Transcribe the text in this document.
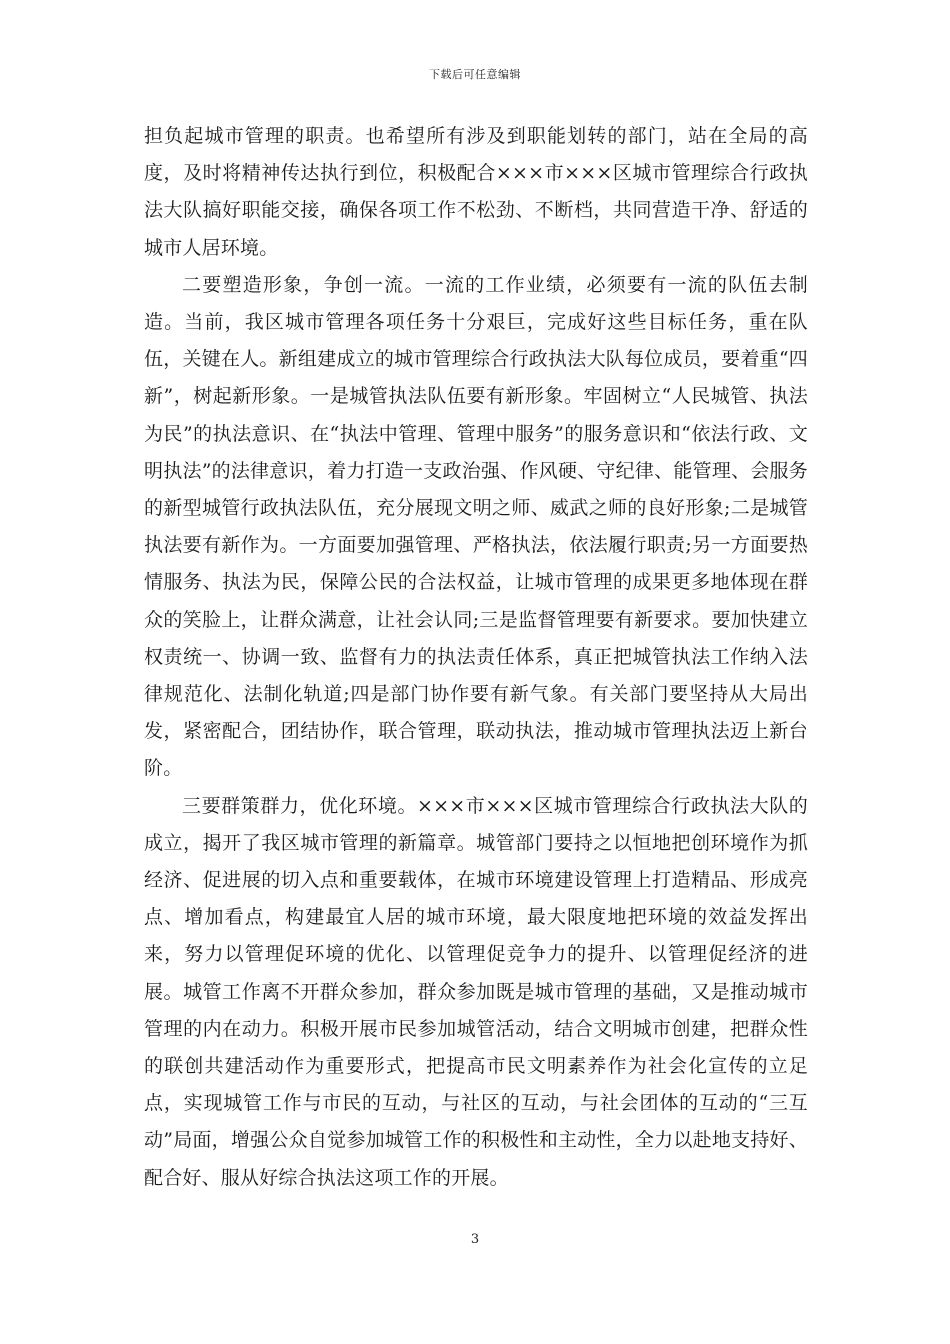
下载后可任意编辑

担负起城市管理的职责。也希望所有涉及到职能划转的部门，站在全局的高度，及时将精神传达执行到位，积极配合×××市×××区城市管理综合行政执法大队搞好职能交接，确保各项工作不松劲、不断档，共同营造干净、舒适的城市人居环境。

二要塑造形象，争创一流。一流的工作业绩，必须要有一流的队伍去制造。当前，我区城市管理各项任务十分艰巨，完成好这些目标任务，重在队伍，关键在人。新组建成立的城市管理综合行政执法大队每位成员，要着重“四新”，树起新形象。一是城管执法队伍要有新形象。牢固树立“人民城管、执法为民”的执法意识、在“执法中管理、管理中服务”的服务意识和“依法行政、文明执法”的法律意识，着力打造一支政治强、作风硬、守纪律、能管理、会服务的新型城管行政执法队伍，充分展现文明之师、威武之师的良好形象;二是城管执法要有新作为。一方面要加强管理、严格执法，依法履行职责;另一方面要热情服务、执法为民，保障公民的合法权益，让城市管理的成果更多地体现在群众的笑脸上，让群众满意，让社会认同;三是监督管理要有新要求。要加快建立权责统一、协调一致、监督有力的执法责任体系，真正把城管执法工作纳入法律规范化、法制化轨道;四是部门协作要有新气象。有关部门要坚持从大局出发，紧密配合，团结协作，联合管理，联动执法，推动城市管理执法迈上新台阶。

三要群策群力，优化环境。×××市×××区城市管理综合行政执法大队的成立，揭开了我区城市管理的新篇章。城管部门要持之以恒地把创环境作为抓经济、促进展的切入点和重要载体，在城市环境建设管理上打造精品、形成亮点、增加看点，构建最宜人居的城市环境，最大限度地把环境的效益发挥出来，努力以管理促环境的优化、以管理促竞争力的提升、以管理促经济的进展。城管工作离不开群众参加，群众参加既是城市管理的基础，又是推动城市管理的内在动力。积极开展市民参加城管活动，结合文明城市创建，把群众性的联创共建活动作为重要形式，把提高市民文明素养作为社会化宣传的立足点，实现城管工作与市民的互动，与社区的互动，与社会团体的互动的“三互动”局面，增强公众自觉参加城管工作的积极性和主动性，全力以赴地支持好、配合好、服从好综合执法这项工作的开展。

3
